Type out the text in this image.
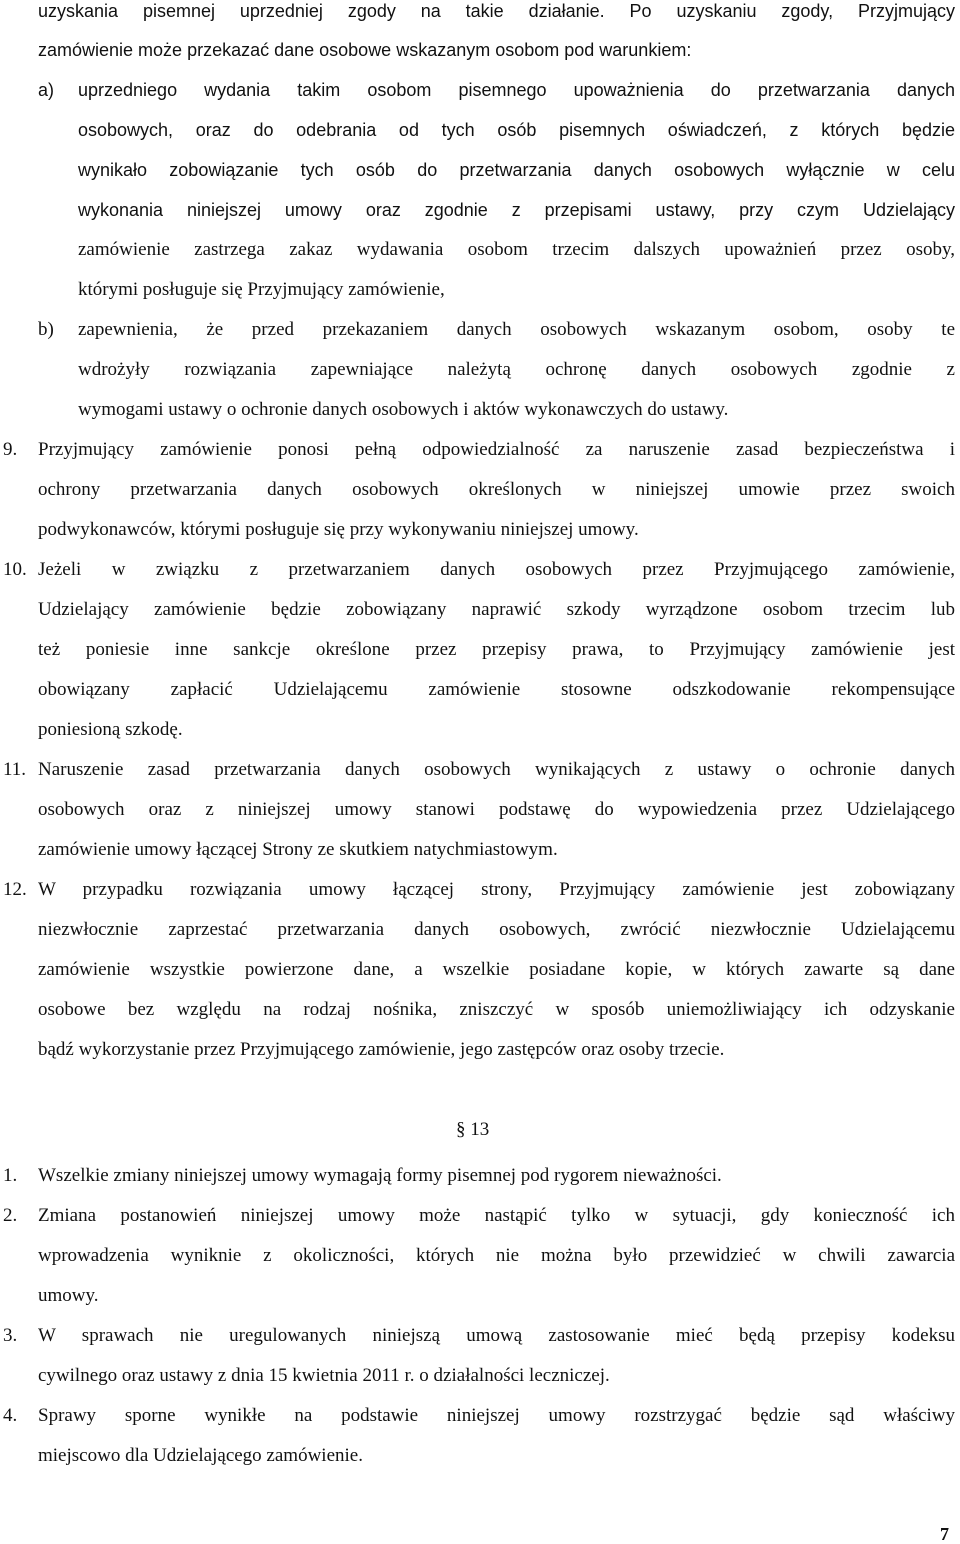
uzyskania pisemnej uprzedniej zgody na takie działanie. Po uzyskaniu zgody, Przyjmujący
zamówienie może przekazać dane osobowe wskazanym osobom pod warunkiem:
a) uprzedniego wydania takim osobom pisemnego upoważnienia do przetwarzania danych
osobowych, oraz do odebrania od tych osób pisemnych oświadczeń, z których będzie
wynikało zobowiązanie tych osób do przetwarzania danych osobowych wyłącznie w celu
wykonania niniejszej umowy oraz zgodnie z przepisami ustawy, przy czym Udzielający
zamówienie zastrzega zakaz wydawania osobom trzecim dalszych upoważnień przez osoby,
którymi posługuje się Przyjmujący zamówienie,
b) zapewnienia, że przed przekazaniem danych osobowych wskazanym osobom, osoby te
wdrożyły rozwiązania zapewniające należytą ochronę danych osobowych zgodnie z
wymogami ustawy o ochronie danych osobowych i aktów wykonawczych do ustawy.
9. Przyjmujący zamówienie ponosi pełną odpowiedzialność za naruszenie zasad bezpieczeństwa i
ochrony przetwarzania danych osobowych określonych w niniejszej umowie przez swoich
podwykonawców, którymi posługuje się przy wykonywaniu niniejszej umowy.
10. Jeżeli w związku z przetwarzaniem danych osobowych przez Przyjmującego zamówienie,
Udzielający zamówienie będzie zobowiązany naprawić szkody wyrządzone osobom trzecim lub
też poniesie inne sankcje określone przez przepisy prawa, to Przyjmujący zamówienie jest
obowiązany zapłacić Udzielającemu zamówienie stosowne odszkodowanie rekompensujące
poniesioną szkodę.
11. Naruszenie zasad przetwarzania danych osobowych wynikających z ustawy o ochronie danych
osobowych oraz z niniejszej umowy stanowi podstawę do wypowiedzenia przez Udzielającego
zamówienie umowy łączącej Strony ze skutkiem natychmiastowym.
12. W przypadku rozwiązania umowy łączącej strony, Przyjmujący zamówienie jest zobowiązany
niezwłocznie zaprzestać przetwarzania danych osobowych, zwrócić niezwłocznie Udzielającemu
zamówienie wszystkie powierzone dane, a wszelkie posiadane kopie, w których zawarte są dane
osobowe bez względu na rodzaj nośnika, zniszczyć w sposób uniemożliwiający ich odzyskanie
bądź wykorzystanie przez Przyjmującego zamówienie, jego zastępców oraz osoby trzecie.
§ 13
1. Wszelkie zmiany niniejszej umowy wymagają formy pisemnej pod rygorem nieważności.
2. Zmiana postanowień niniejszej umowy może nastąpić tylko w sytuacji, gdy konieczność ich
wprowadzenia wyniknie z okoliczności, których nie można było przewidzieć w chwili zawarcia
umowy.
3. W sprawach nie uregulowanych niniejszą umową zastosowanie mieć będą przepisy kodeksu
cywilnego oraz ustawy z dnia 15 kwietnia 2011 r. o działalności leczniczej.
4. Sprawy sporne wynikłe na podstawie niniejszej umowy rozstrzygać będzie sąd właściwy
miejscowo dla Udzielającego zamówienie.
7
